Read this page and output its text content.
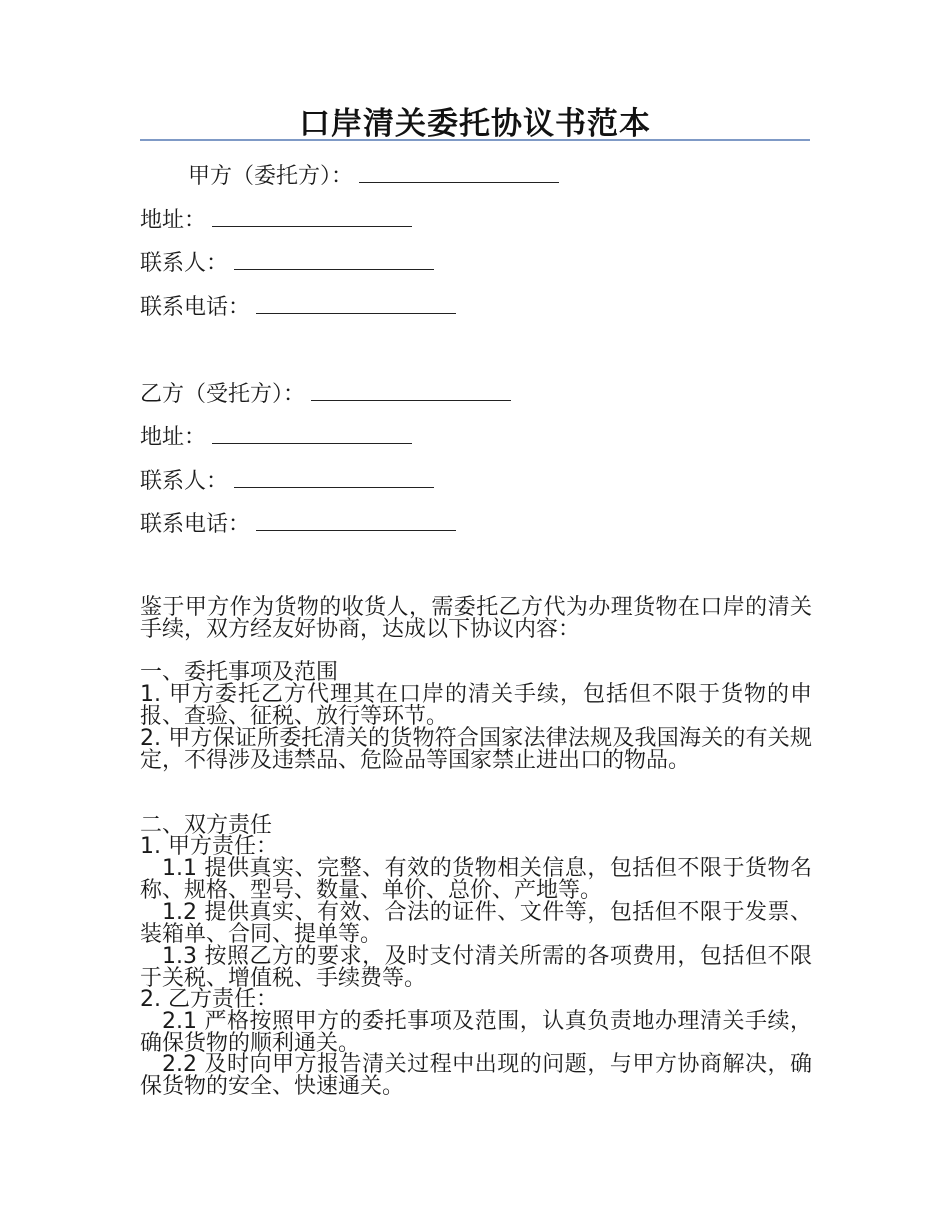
口岸清关委托协议书范本
甲方（委托方）：
地址：
联系人：
联系电话：
乙方（受托方）：
地址：
联系人：
联系电话：
鉴于甲方作为货物的收货人，需委托乙方代为办理货物在口岸的清关手续，双方经友好协商，达成以下协议内容：
一、委托事项及范围
1. 甲方委托乙方代理其在口岸的清关手续，包括但不限于货物的申报、查验、征税、放行等环节。
2. 甲方保证所委托清关的货物符合国家法律法规及我国海关的有关规定，不得涉及违禁品、危险品等国家禁止进出口的物品。
二、双方责任
1. 甲方责任：
1.1 提供真实、完整、有效的货物相关信息，包括但不限于货物名称、规格、型号、数量、单价、总价、产地等。
1.2 提供真实、有效、合法的证件、文件等，包括但不限于发票、装箱单、合同、提单等。
1.3 按照乙方的要求，及时支付清关所需的各项费用，包括但不限于关税、增值税、手续费等。
2. 乙方责任：
2.1 严格按照甲方的委托事项及范围，认真负责地办理清关手续，确保货物的顺利通关。
2.2 及时向甲方报告清关过程中出现的问题，与甲方协商解决，确保货物的安全、快速通关。
